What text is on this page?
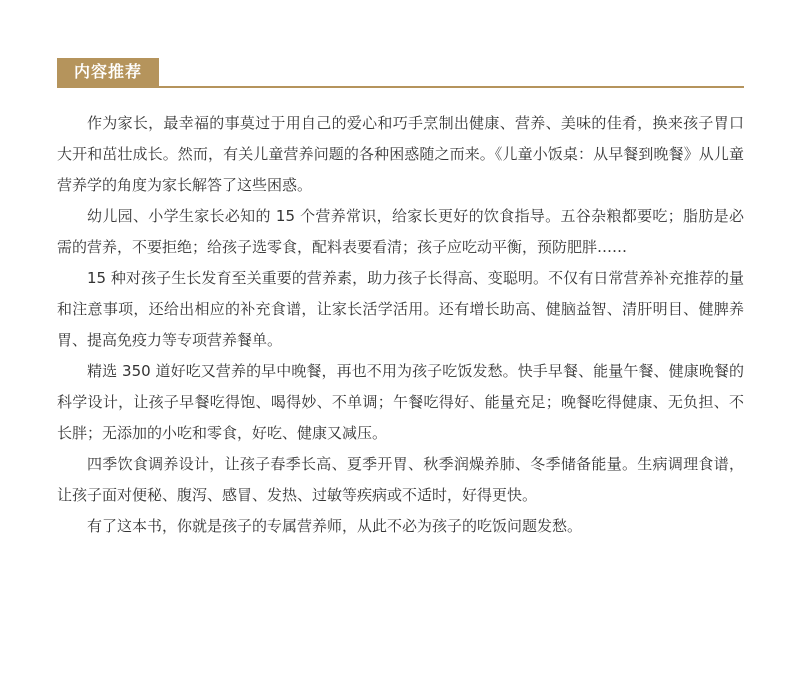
内容推荐

作为家长，最幸福的事莫过于用自己的爱心和巧手烹制出健康、营养、美味的佳肴，换来孩子胃口大开和茁壮成长。然而，有关儿童营养问题的各种困惑随之而来。《儿童小饭桌：从早餐到晚餐》从儿童营养学的角度为家长解答了这些困惑。

幼儿园、小学生家长必知的 15 个营养常识，给家长更好的饮食指导。五谷杂粮都要吃；脂肪是必需的营养，不要拒绝；给孩子选零食，配料表要看清；孩子应吃动平衡，预防肥胖……

15 种对孩子生长发育至关重要的营养素，助力孩子长得高、变聪明。不仅有日常营养补充推荐的量和注意事项，还给出相应的补充食谱，让家长活学活用。还有增长助高、健脑益智、清肝明目、健脾养胃、提高免疫力等专项营养餐单。

精选 350 道好吃又营养的早中晚餐，再也不用为孩子吃饭发愁。快手早餐、能量午餐、健康晚餐的科学设计，让孩子早餐吃得饱、喝得妙、不单调；午餐吃得好、能量充足；晚餐吃得健康、无负担、不长胖；无添加的小吃和零食，好吃、健康又减压。

四季饮食调养设计，让孩子春季长高、夏季开胃、秋季润燥养肺、冬季储备能量。生病调理食谱，让孩子面对便秘、腹泻、感冒、发热、过敏等疾病或不适时，好得更快。

有了这本书，你就是孩子的专属营养师，从此不必为孩子的吃饭问题发愁。
